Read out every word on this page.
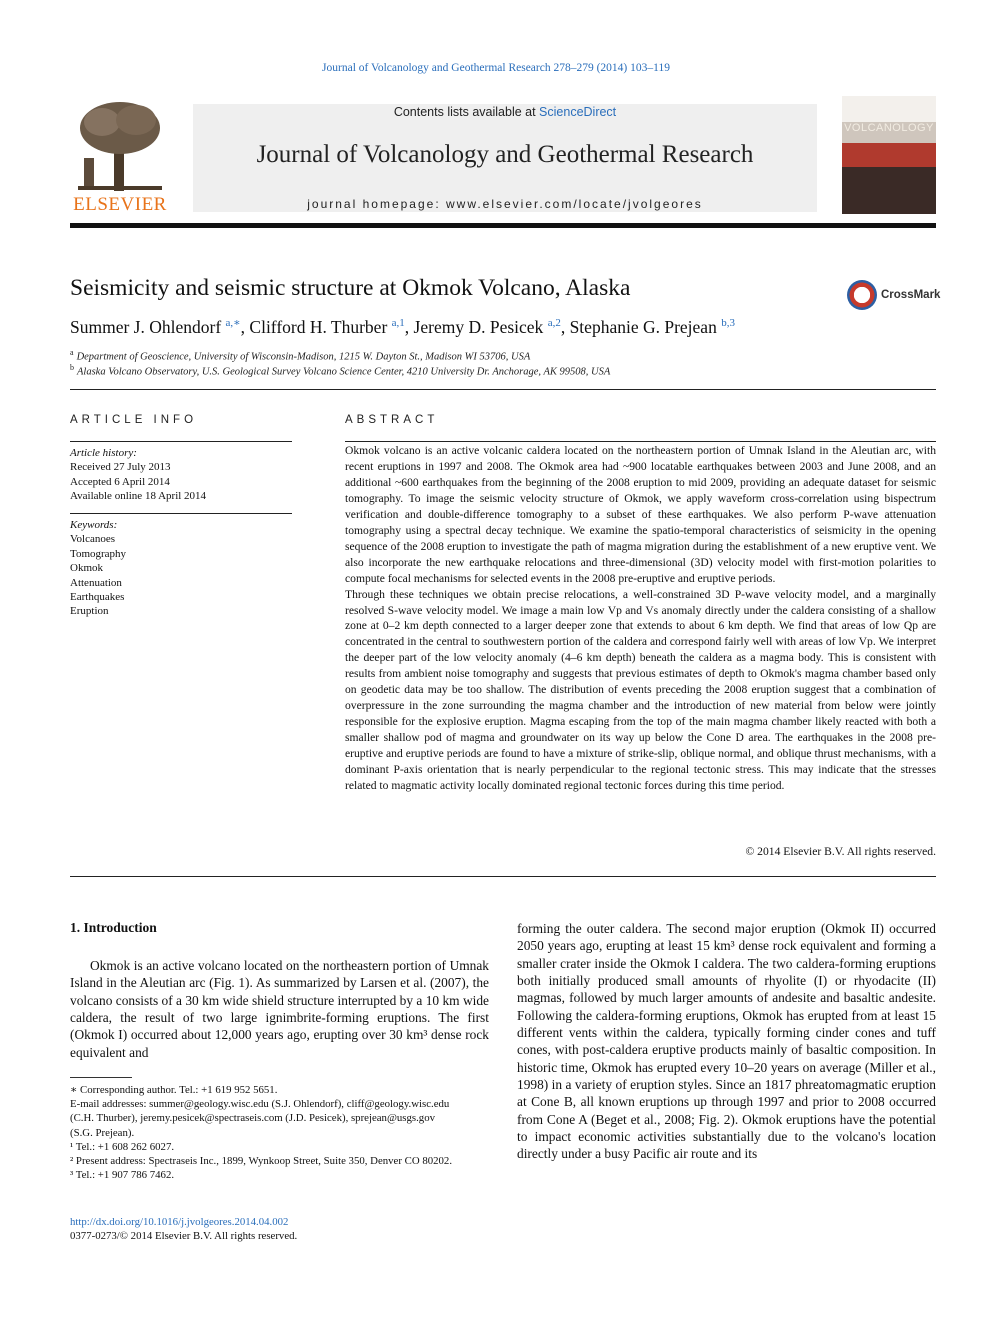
Journal of Volcanology and Geothermal Research 278–279 (2014) 103–119
ELSEVIER
Contents lists available at ScienceDirect
Journal of Volcanology and Geothermal Research
journal homepage: www.elsevier.com/locate/jvolgeores
VOLCANOLOGY
Seismicity and seismic structure at Okmok Volcano, Alaska	CrossMark
Summer J. Ohlendorf $^{a,∗}$, Clifford H. Thurber $^{a,1}$, Jeremy D. Pesicek $^{a,2}$, Stephanie G. Prejean $^{b,3}$
$^a$ Department of Geoscience, University of Wisconsin-Madison, 1215 W. Dayton St., Madison WI 53706, USA
$^b$ Alaska Volcano Observatory, U.S. Geological Survey Volcano Science Center, 4210 University Dr. Anchorage, AK 99508, USA
ARTICLE INFO
Article history:
Received 27 July 2013
Accepted 6 April 2014
Available online 18 April 2014
Keywords:
Volcanoes
Tomography
Okmok
Attenuation
Earthquakes
Eruption
ABSTRACT

Okmok volcano is an active volcanic caldera located on the northeastern portion of Umnak Island in the Aleutian arc, with recent eruptions in 1997 and 2008. The Okmok area had ~900 locatable earthquakes between 2003 and June 2008, and an additional ~600 earthquakes from the beginning of the 2008 eruption to mid 2009, providing an adequate dataset for seismic tomography. To image the seismic velocity structure of Okmok, we apply waveform cross-correlation using bispectrum verification and double-difference tomography to a subset of these earthquakes. We also perform P-wave attenuation tomography using a spectral decay technique. We examine the spatio-temporal characteristics of seismicity in the opening sequence of the 2008 eruption to investigate the path of magma migration during the establishment of a new eruptive vent. We also incorporate the new earthquake relocations and three-dimensional (3D) velocity model with first-motion polarities to compute focal mechanisms for selected events in the 2008 pre-eruptive and eruptive periods.

Through these techniques we obtain precise relocations, a well-constrained 3D P-wave velocity model, and a marginally resolved S-wave velocity model. We image a main low Vp and Vs anomaly directly under the caldera consisting of a shallow zone at 0–2 km depth connected to a larger deeper zone that extends to about 6 km depth. We find that areas of low Qp are concentrated in the central to southwestern portion of the caldera and correspond fairly well with areas of low Vp. We interpret the deeper part of the low velocity anomaly (4–6 km depth) beneath the caldera as a magma body. This is consistent with results from ambient noise tomography and suggests that previous estimates of depth to Okmok's magma chamber based only on geodetic data may be too shallow. The distribution of events preceding the 2008 eruption suggest that a combination of overpressure in the zone surrounding the magma chamber and the introduction of new material from below were jointly responsible for the explosive eruption. Magma escaping from the top of the main magma chamber likely reacted with both a smaller shallow pod of magma and groundwater on its way up below the Cone D area. The earthquakes in the 2008 pre-eruptive and eruptive periods are found to have a mixture of strike-slip, oblique normal, and oblique thrust mechanisms, with a dominant P-axis orientation that is nearly perpendicular to the regional tectonic stress. This may indicate that the stresses related to magmatic activity locally dominated regional tectonic forces during this time period.

© 2014 Elsevier B.V. All rights reserved.
1. Introduction

Okmok is an active volcano located on the northeastern portion of Umnak Island in the Aleutian arc (Fig. 1). As summarized by Larsen et al. (2007), the volcano consists of a 30 km wide shield structure interrupted by a 10 km wide caldera, the result of two large ignimbrite-forming eruptions. The first (Okmok I) occurred about 12,000 years ago, erupting over 30 km³ dense rock equivalent and

forming the outer caldera. The second major eruption (Okmok II) occurred 2050 years ago, erupting at least 15 km³ dense rock equivalent and forming a smaller crater inside the Okmok I caldera. The two caldera-forming eruptions both initially produced small amounts of rhyolite (I) or rhyodacite (II) magmas, followed by much larger amounts of andesite and basaltic andesite. Following the caldera-forming eruptions, Okmok has erupted from at least 15 different vents within the caldera, typically forming cinder cones and tuff cones, with post-caldera eruptive products mainly of basaltic composition. In historic time, Okmok has erupted every 10–20 years on average (Miller et al., 1998) in a variety of eruption styles. Since an 1817 phreatomagmatic eruption at Cone B, all known eruptions up through 1997 and prior to 2008 occurred from Cone A (Beget et al., 2008; Fig. 2). Okmok eruptions have the potential to impact economic activities substantially due to the volcano's location directly under a busy Pacific air route and its

∗ Corresponding author. Tel.: +1 619 952 5651.
E-mail addresses: summer@geology.wisc.edu (S.J. Ohlendorf), cliff@geology.wisc.edu
(C.H. Thurber), jeremy.pesicek@spectraseis.com (J.D. Pesicek), sprejean@usgs.gov
(S.G. Prejean).
¹ Tel.: +1 608 262 6027.
² Present address: Spectraseis Inc., 1899, Wynkoop Street, Suite 350, Denver CO 80202.
³ Tel.: +1 907 786 7462.
http://dx.doi.org/10.1016/j.jvolgeores.2014.04.002
0377-0273/© 2014 Elsevier B.V. All rights reserved.
